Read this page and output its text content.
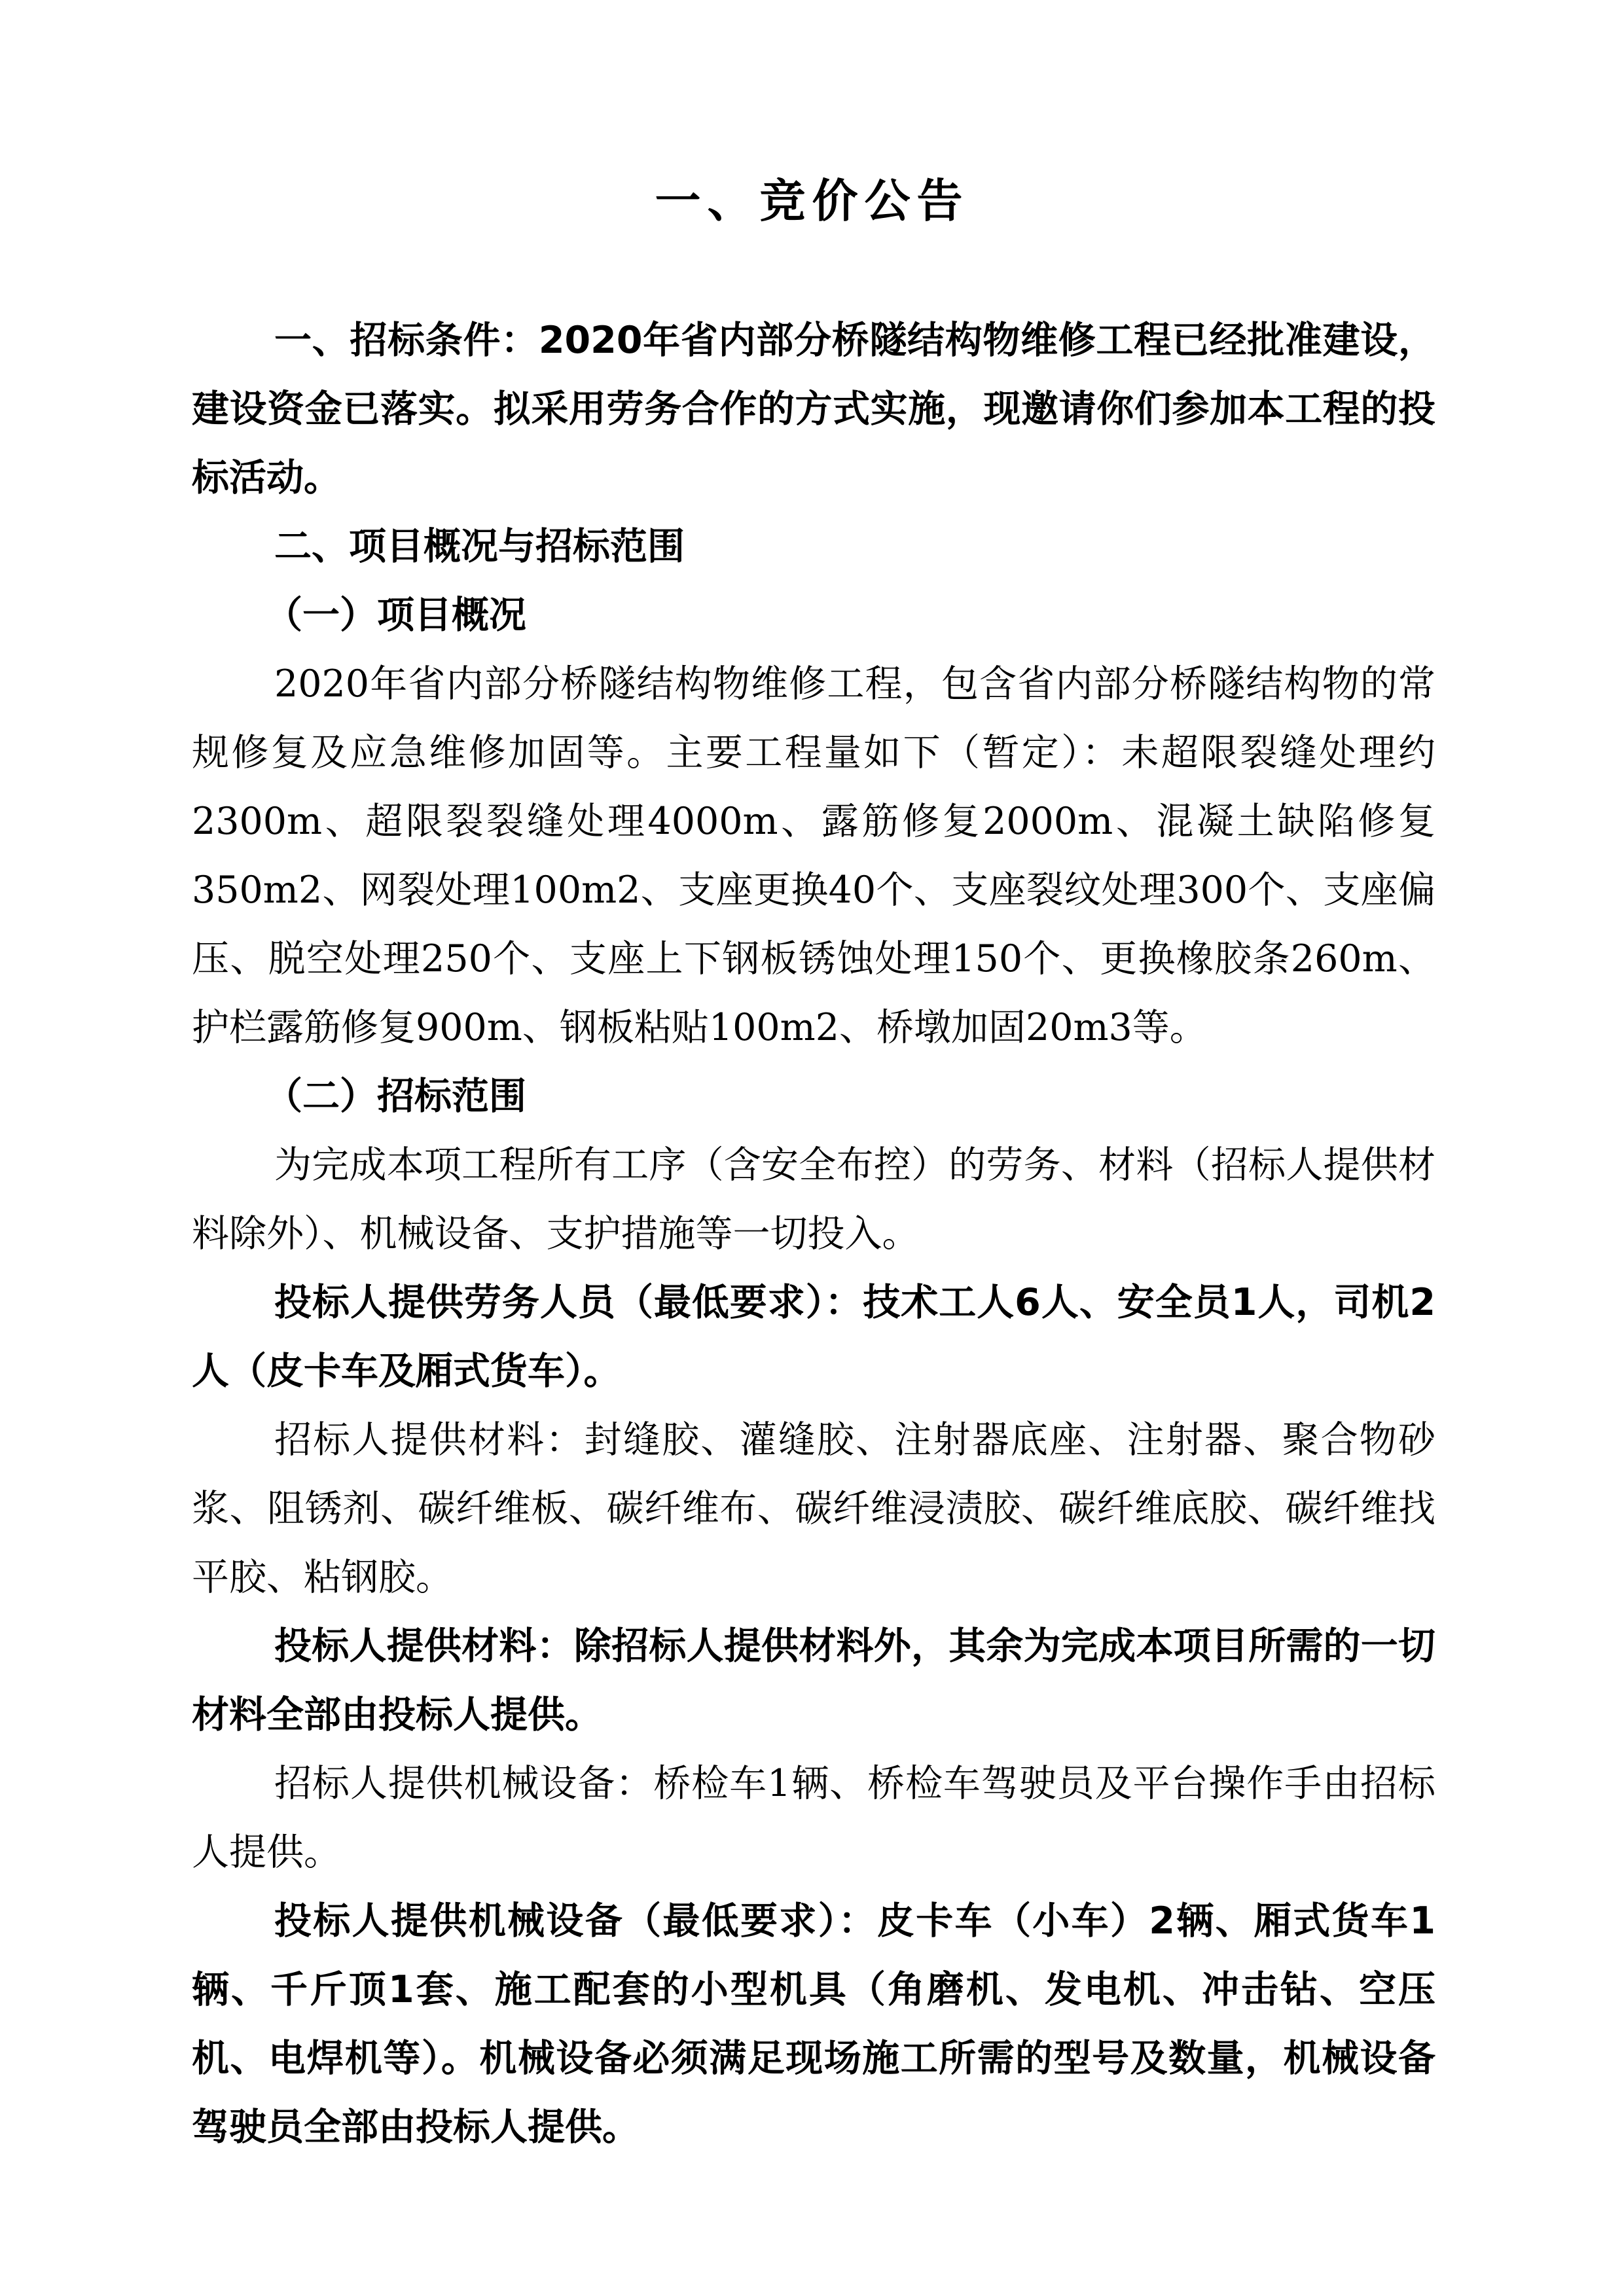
一、竞价公告

一、招标条件：2020年省内部分桥隧结构物维修工程已经批准建设，建设资金已落实。拟采用劳务合作的方式实施，现邀请你们参加本工程的投标活动。

二、项目概况与招标范围

（一）项目概况

2020年省内部分桥隧结构物维修工程，包含省内部分桥隧结构物的常规修复及应急维修加固等。主要工程量如下（暂定）：未超限裂缝处理约2300m、超限裂裂缝处理4000m、露筋修复2000m、混凝土缺陷修复350m2、网裂处理100m2、支座更换40个、支座裂纹处理300个、支座偏压、脱空处理250个、支座上下钢板锈蚀处理150个、更换橡胶条260m、护栏露筋修复900m、钢板粘贴100m2、桥墩加固20m3等。

（二）招标范围

为完成本项工程所有工序（含安全布控）的劳务、材料（招标人提供材料除外）、机械设备、支护措施等一切投入。

投标人提供劳务人员（最低要求）：技术工人6人、安全员1人，司机2人（皮卡车及厢式货车）。

招标人提供材料：封缝胶、灌缝胶、注射器底座、注射器、聚合物砂浆、阻锈剂、碳纤维板、碳纤维布、碳纤维浸渍胶、碳纤维底胶、碳纤维找平胶、粘钢胶。

投标人提供材料：除招标人提供材料外，其余为完成本项目所需的一切材料全部由投标人提供。

招标人提供机械设备：桥检车1辆、桥检车驾驶员及平台操作手由招标人提供。

投标人提供机械设备（最低要求）：皮卡车（小车）2辆、厢式货车1辆、千斤顶1套、施工配套的小型机具（角磨机、发电机、冲击钻、空压机、电焊机等）。机械设备必须满足现场施工所需的型号及数量，机械设备驾驶员全部由投标人提供。
